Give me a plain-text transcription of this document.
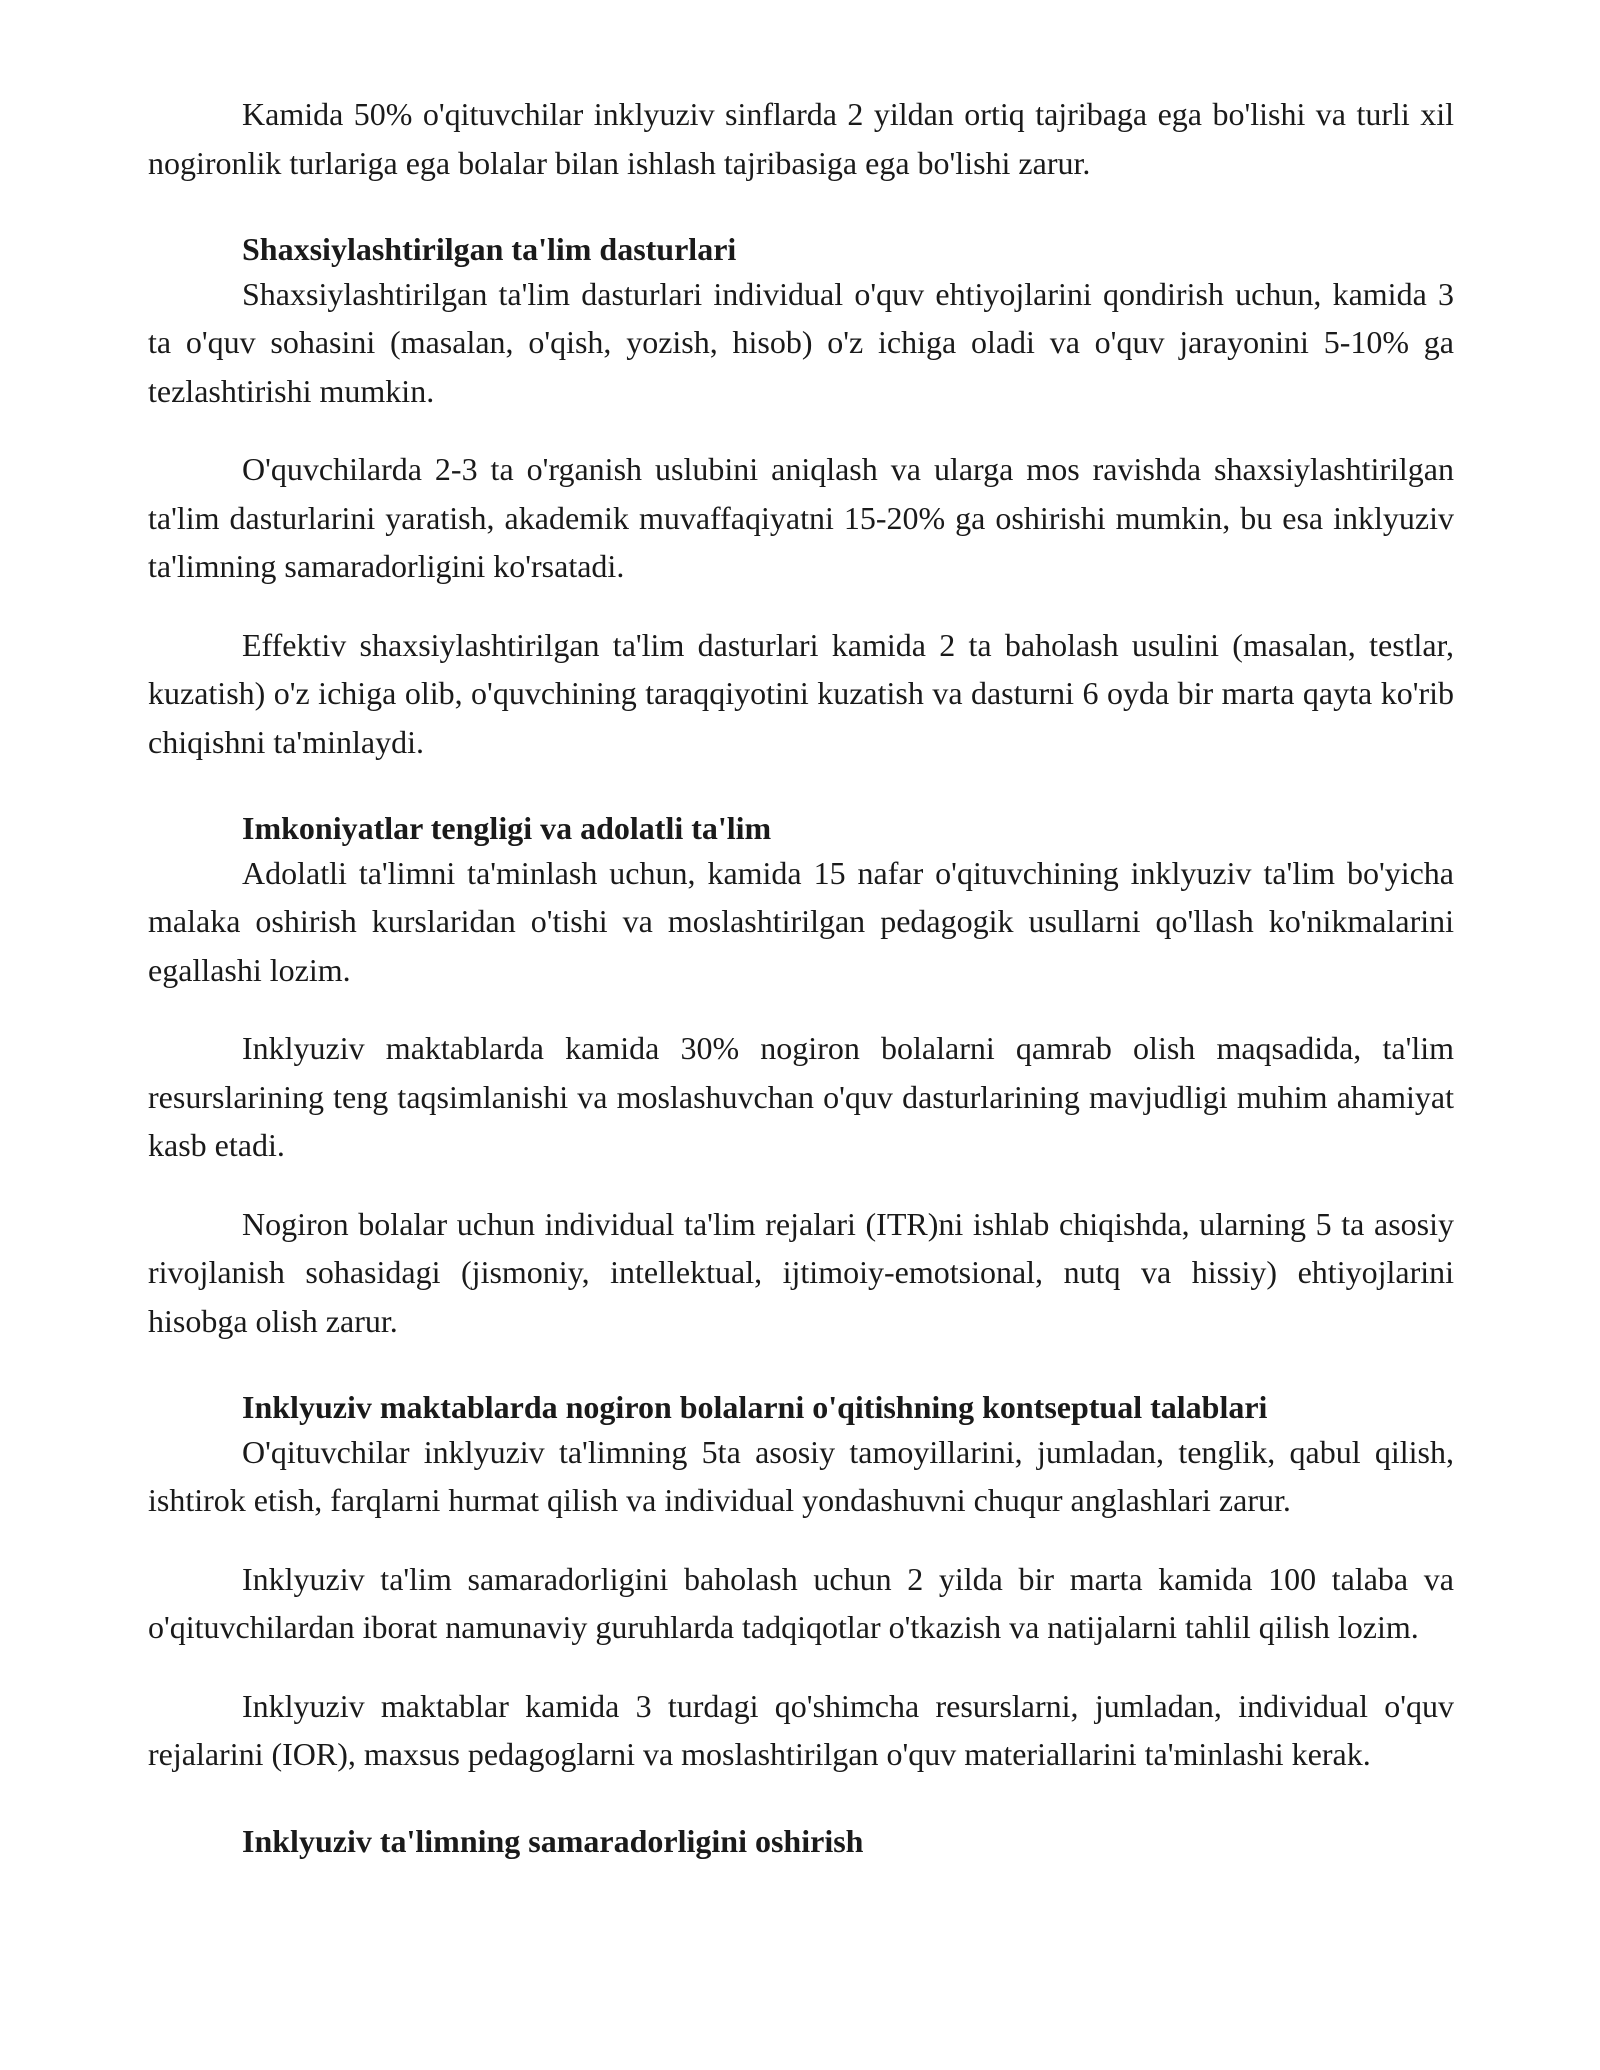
Kamida 50% o'qituvchilar inklyuziv sinflarda 2 yildan ortiq tajribaga ega bo'lishi va turli xil nogironlik turlariga ega bolalar bilan ishlash tajribasiga ega bo'lishi zarur.

Shaxsiylashtirilgan ta'lim dasturlari

Shaxsiylashtirilgan ta'lim dasturlari individual o'quv ehtiyojlarini qondirish uchun, kamida 3 ta o'quv sohasini (masalan, o'qish, yozish, hisob) o'z ichiga oladi va o'quv jarayonini 5-10% ga tezlashtirishi mumkin.

O'quvchilarda 2-3 ta o'rganish uslubini aniqlash va ularga mos ravishda shaxsiylashtirilgan ta'lim dasturlarini yaratish, akademik muvaffaqiyatni 15-20% ga oshirishi mumkin, bu esa inklyuziv ta'limning samaradorligini ko'rsatadi.

Effektiv shaxsiylashtirilgan ta'lim dasturlari kamida 2 ta baholash usulini (masalan, testlar, kuzatish) o'z ichiga olib, o'quvchining taraqqiyotini kuzatish va dasturni 6 oyda bir marta qayta ko'rib chiqishni ta'minlaydi.

Imkoniyatlar tengligi va adolatli ta'lim

Adolatli ta'limni ta'minlash uchun, kamida 15 nafar o'qituvchining inklyuziv ta'lim bo'yicha malaka oshirish kurslaridan o'tishi va moslashtirilgan pedagogik usullarni qo'llash ko'nikmalarini egallashi lozim.

Inklyuziv maktablarda kamida 30% nogiron bolalarni qamrab olish maqsadida, ta'lim resurslarining teng taqsimlanishi va moslashuvchan o'quv dasturlarining mavjudligi muhim ahamiyat kasb etadi.

Nogiron bolalar uchun individual ta'lim rejalari (ITR)ni ishlab chiqishda, ularning 5 ta asosiy rivojlanish sohasidagi (jismoniy, intellektual, ijtimoiy-emotsional, nutq va hissiy) ehtiyojlarini hisobga olish zarur.

Inklyuziv maktablarda nogiron bolalarni o'qitishning kontseptual talablari

O'qituvchilar inklyuziv ta'limning 5ta asosiy tamoyillarini, jumladan, tenglik, qabul qilish, ishtirok etish, farqlarni hurmat qilish va individual yondashuvni chuqur anglashlari zarur.

Inklyuziv ta'lim samaradorligini baholash uchun 2 yilda bir marta kamida 100 talaba va o'qituvchilardan iborat namunaviy guruhlarda tadqiqotlar o'tkazish va natijalarni tahlil qilish lozim.

Inklyuziv maktablar kamida 3 turdagi qo'shimcha resurslarni, jumladan, individual o'quv rejalarini (IOR), maxsus pedagoglarni va moslashtirilgan o'quv materiallarini ta'minlashi kerak.

Inklyuziv ta'limning samaradorligini oshirish
